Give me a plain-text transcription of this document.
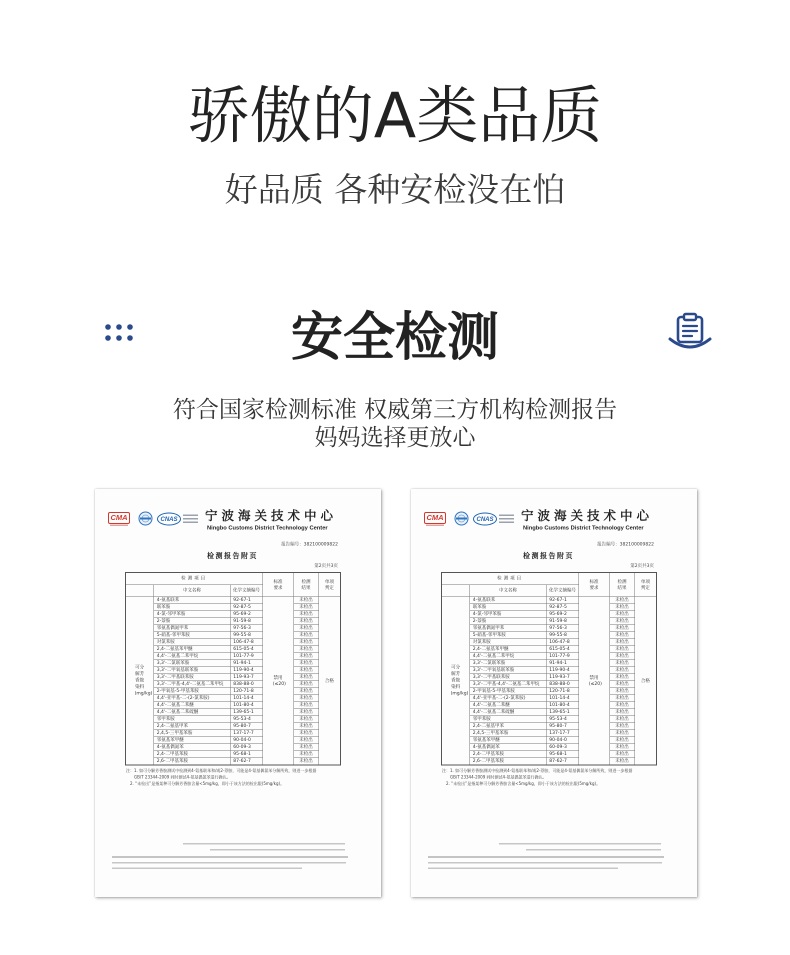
骄傲的A类品质
好品质 各种安检没在怕
安全检测
符合国家检测标准 权威第三方机构检测报告
妈妈选择更放心
CMA	CNAS 宁波海关技术中心
Ningbo Customs District Technology Center
报告编号：382100009822
检测报告附页
第2页共3页
检测项目			标准要求	检测结果	单项判定

	中文名称	化学文摘编号			

可分解芳香胺染料(mg/kg)	4-氨基联苯	92-67-1	禁用(≤20)	未检出	合格

	联苯胺	92-87-5		未检出	
	4-氯-邻甲苯胺	95-69-2		未检出	
	2-萘胺	91-59-8		未检出	
	邻氨基偶氮甲苯	97-56-3		未检出	
	5-硝基-邻甲苯胺	99-55-8		未检出	
	对氯苯胺	106-47-8		未检出	
	2,4-二氨基苯甲醚	615-05-4		未检出	
	4,4'-二氨基二苯甲烷	101-77-9		未检出	
	3,3'-二氯联苯胺	91-94-1		未检出	
	3,3'-二甲氧基联苯胺	119-90-4		未检出	
	3,3'-二甲基联苯胺	119-93-7		未检出	
	3,3'-二甲基-4,4'-二氨基二苯甲烷	838-88-0		未检出	
	2-甲氧基-5-甲基苯胺	120-71-8		未检出	
	4,4'-亚甲基-二-(2-氯苯胺)	101-14-4		未检出	
	4,4'-二氨基二苯醚	101-80-4		未检出	
	4,4'-二氨基二苯硫醚	139-65-1		未检出	
	邻甲苯胺	95-53-4		未检出	
	2,4-二氨基甲苯	95-80-7		未检出	
	2,4,5-三甲基苯胺	137-17-7		未检出	
	邻氨基苯甲醚	90-04-0		未检出	
	4-氨基偶氮苯	60-09-3		未检出	
	2,4-二甲基苯胺	95-68-1		未检出	
	2,6-二甲基苯胺	87-62-7		未检出	
注：1. 如可分解芳香胺测试中检测到4-氨基联苯和/或2-萘胺，可能是4-氨基偶氮苯分解所致，则进一步根据
GB/T 23344-2009 同时测试4-氨基偶氮苯进行确认。
2. “未检出”是指某种可分解芳香胺含量<5mg/kg，即小于该方法的检出限(5mg/kg)。
CMA	CNAS 宁波海关技术中心
Ningbo Customs District Technology Center
报告编号：382100009822
检测报告附页
第2页共3页
检测项目			标准要求	检测结果	单项判定

	中文名称	化学文摘编号			

可分解芳香胺染料(mg/kg)	4-氨基联苯	92-67-1	禁用(≤20)	未检出	合格

	联苯胺	92-87-5		未检出	
	4-氯-邻甲苯胺	95-69-2		未检出	
	2-萘胺	91-59-8		未检出	
	邻氨基偶氮甲苯	97-56-3		未检出	
	5-硝基-邻甲苯胺	99-55-8		未检出	
	对氯苯胺	106-47-8		未检出	
	2,4-二氨基苯甲醚	615-05-4		未检出	
	4,4'-二氨基二苯甲烷	101-77-9		未检出	
	3,3'-二氯联苯胺	91-94-1		未检出	
	3,3'-二甲氧基联苯胺	119-90-4		未检出	
	3,3'-二甲基联苯胺	119-93-7		未检出	
	3,3'-二甲基-4,4'-二氨基二苯甲烷	838-88-0		未检出	
	2-甲氧基-5-甲基苯胺	120-71-8		未检出	
	4,4'-亚甲基-二-(2-氯苯胺)	101-14-4		未检出	
	4,4'-二氨基二苯醚	101-80-4		未检出	
	4,4'-二氨基二苯硫醚	139-65-1		未检出	
	邻甲苯胺	95-53-4		未检出	
	2,4-二氨基甲苯	95-80-7		未检出	
	2,4,5-三甲基苯胺	137-17-7		未检出	
	邻氨基苯甲醚	90-04-0		未检出	
	4-氨基偶氮苯	60-09-3		未检出	
	2,4-二甲基苯胺	95-68-1		未检出	
	2,6-二甲基苯胺	87-62-7		未检出	
注：1. 如可分解芳香胺测试中检测到4-氨基联苯和/或2-萘胺，可能是4-氨基偶氮苯分解所致，则进一步根据
GB/T 23344-2009 同时测试4-氨基偶氮苯进行确认。
2. “未检出”是指某种可分解芳香胺含量<5mg/kg，即小于该方法的检出限(5mg/kg)。
